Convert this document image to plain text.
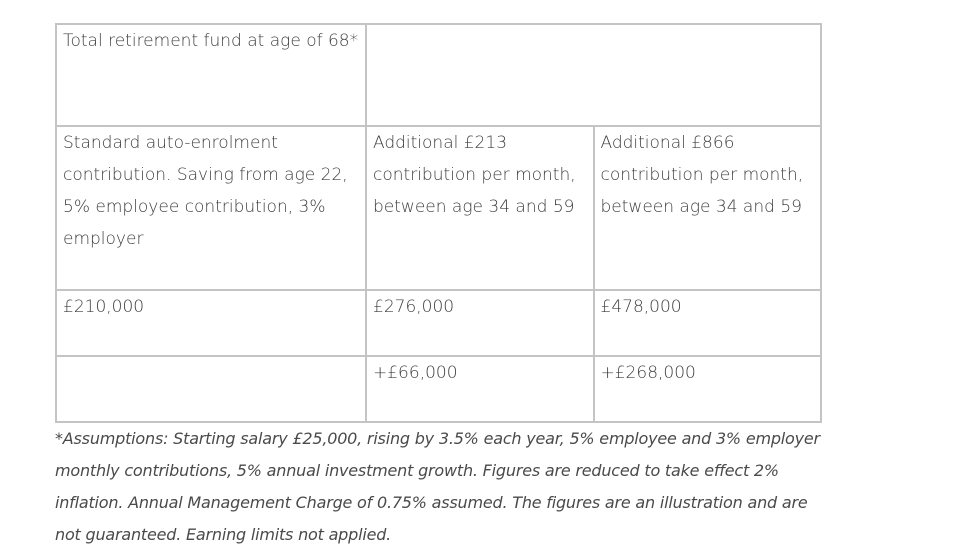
Total retirement fund at age of 68*		
Standard auto-enrolment contribution. Saving from age 22, 5% employee contribution, 3% employer	Additional £213 contribution per month, between age 34 and 59	Additional £866 contribution per month, between age 34 and 59
£210,000	£276,000	£478,000
	+£66,000	+£268,000
*Assumptions: Starting salary £25,000, rising by 3.5% each year, 5% employee and 3% employer monthly contributions, 5% annual investment growth. Figures are reduced to take effect 2% inflation. Annual Management Charge of 0.75% assumed. The figures are an illustration and are not guaranteed. Earning limits not applied.
